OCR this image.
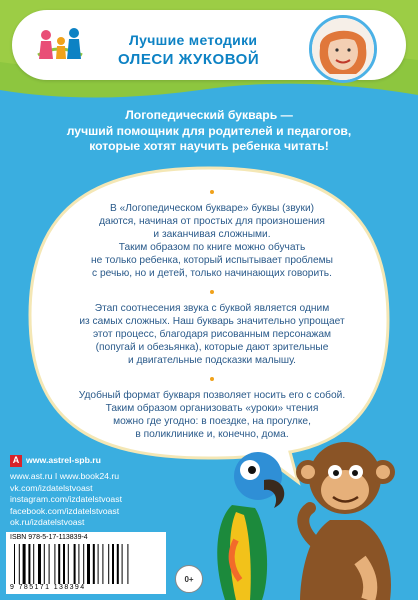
Лучшие методики
ОЛЕСИ ЖУКОВОЙ
Логопедический букварь —
лучший помощник для родителей и педагогов,
которые хотят научить ребенка читать!
В «Логопедическом букваре» буквы (звуки)
даются, начиная от простых для произношения
и заканчивая сложными.
Таким образом по книге можно обучать
не только ребенка, который испытывает проблемы
с речью, но и детей, только начинающих говорить.
Этап соотнесения звука с буквой является одним
из самых сложных. Наш букварь значительно упрощает
этот процесс, благодаря рисованным персонажам
(попугай и обезьянка), которые дают зрительные
и двигательные подсказки малышу.
Удобный формат букваря позволяет носить его с собой.
Таким образом организовать «уроки» чтения
можно где угодно: в поездке, на прогулке,
в поликлинике и, конечно, дома.
А www.astrel-spb.ru
www.ast.ru I www.book24.ru
vk.com/izdatelstvoast
instagram.com/izdatelstvoast
facebook.com/izdatelstvoast
ok.ru/izdatelstvoast
ISBN 978-5-17-113839-4
9 785171 138394
0+
